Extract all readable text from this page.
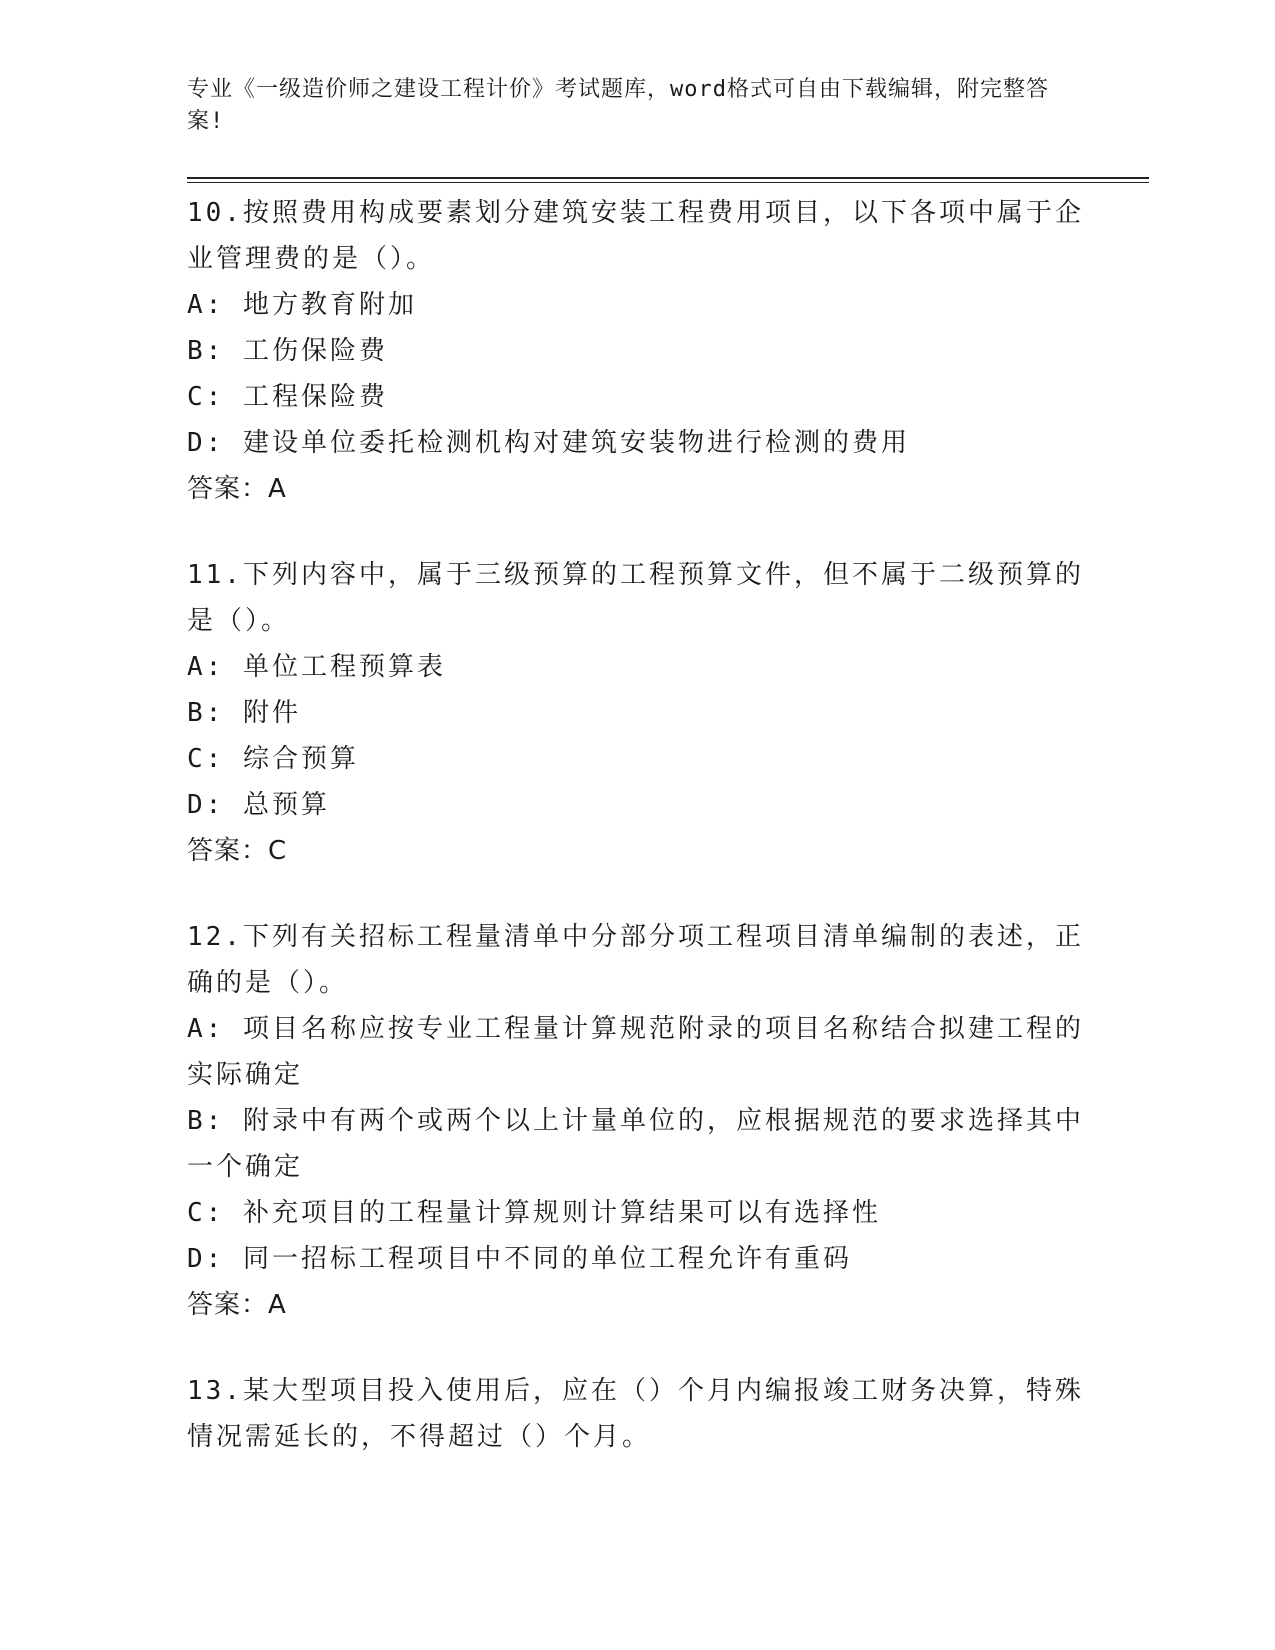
专业《一级造价师之建设工程计价》考试题库，word格式可自由下载编辑，附完整答案!
10.按照费用构成要素划分建筑安装工程费用项目，以下各项中属于企业管理费的是（）。
A: 地方教育附加
B: 工伤保险费
C: 工程保险费
D: 建设单位委托检测机构对建筑安装物进行检测的费用
答案：A
11.下列内容中，属于三级预算的工程预算文件，但不属于二级预算的是（）。
A: 单位工程预算表
B: 附件
C: 综合预算
D: 总预算
答案：C
12.下列有关招标工程量清单中分部分项工程项目清单编制的表述，正确的是（）。
A: 项目名称应按专业工程量计算规范附录的项目名称结合拟建工程的实际确定
B: 附录中有两个或两个以上计量单位的，应根据规范的要求选择其中一个确定
C: 补充项目的工程量计算规则计算结果可以有选择性
D: 同一招标工程项目中不同的单位工程允许有重码
答案：A
13.某大型项目投入使用后，应在（）个月内编报竣工财务决算，特殊情况需延长的，不得超过（）个月。
